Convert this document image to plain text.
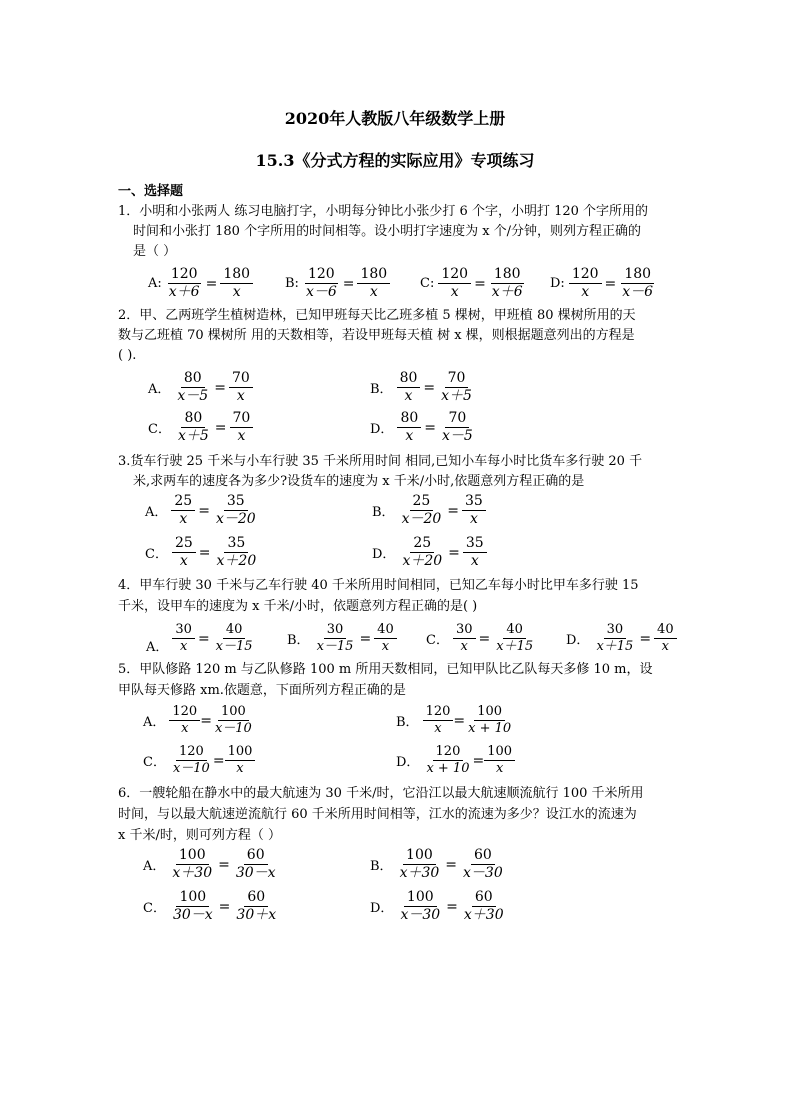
2020年人教版八年级数学上册
15.3《分式方程的实际应用》专项练习
一、选择题
1．小明和小张两人 练习电脑打字，小明每分钟比小张少打 6 个字，小明打 120 个字所用的
时间和小张打 180 个字所用的时间相等。设小明打字速度为 x 个/分钟，则列方程正确的
是（ ）
A: $\frac{120}{x+6} = \frac{180}{x} B$: $\frac{120}{x-6} = \frac{180}{x} C$: $\frac{120}{x} = \frac{180}{x+6} D$: $\frac{120}{x} = \frac{180}{x-6}$
2．甲、乙两班学生植树造林，已知甲班每天比乙班多植 5 棵树，甲班植 80 棵树所用的天
数与乙班植 70 棵树所 用的天数相等，若设甲班每天植 树 x 棵，则根据题意列出的方程是
( ).
A． $\frac{80}{x-5} = \frac{70}{x}$	B． $\frac{80}{x} = \frac{70}{x+5}$
C． $\frac{80}{x+5} = \frac{70}{x}$	D． $\frac{80}{x} = \frac{70}{x-5}$
3.货车行驶 25 千米与小车行驶 35 千米所用时间 相同,已知小车每小时比货车多行驶 20 千
米,求两车的速度各为多少?设货车的速度为 x 千米/小时,依题意列方程正确的是
A． $\frac{25}{x} = \frac{35}{x-20}$	B． $\frac{25}{x-20} = \frac{35}{x}$
C． $\frac{25}{x} = \frac{35}{x+20}$	D． $\frac{25}{x+20} = \frac{35}{x}$
4．甲车行驶 30 千米与乙车行驶 40 千米所用时间相同，已知乙车每小时比甲车多行驶 15
千米，设甲车的速度为 x 千米/小时，依题意列方程正确的是( )
A． $\frac{30}{x} = \frac{40}{x-15}$ B． $\frac{30}{x-15} = \frac{40}{x}$ C． $\frac{30}{x} = \frac{40}{x+15}$ D． $\frac{30}{x+15} = \frac{40}{x}$
5．甲队修路 120 m 与乙队修路 100 m 所用天数相同，已知甲队比乙队每天多修 10 m，设
甲队每天修路 xm.依题意，下面所列方程正确的是
A． $\frac{120}{x} = \frac{100}{x-10}$	B． $\frac{120}{x} = \frac{100}{x + 10}$
C． $\frac{120}{x-10} = \frac{100}{x}$	D． $\frac{120}{x + 10} = \frac{100}{x}$
6．一艘轮船在静水中的最大航速为 30 千米/时，它沿江以最大航速顺流航行 100 千米所用
时间，与以最大航速逆流航行 60 千米所用时间相等，江水的流速为多少？设江水的流速为
x 千米/时，则可列方程（ ）
A． $\frac{100}{x+30} = \frac{60}{30-x}$	B． $\frac{100}{x+30} = \frac{60}{x-30}$
C． $\frac{100}{30-x} = \frac{60}{30+x}$	D． $\frac{100}{x-30} = \frac{60}{x+30}$
